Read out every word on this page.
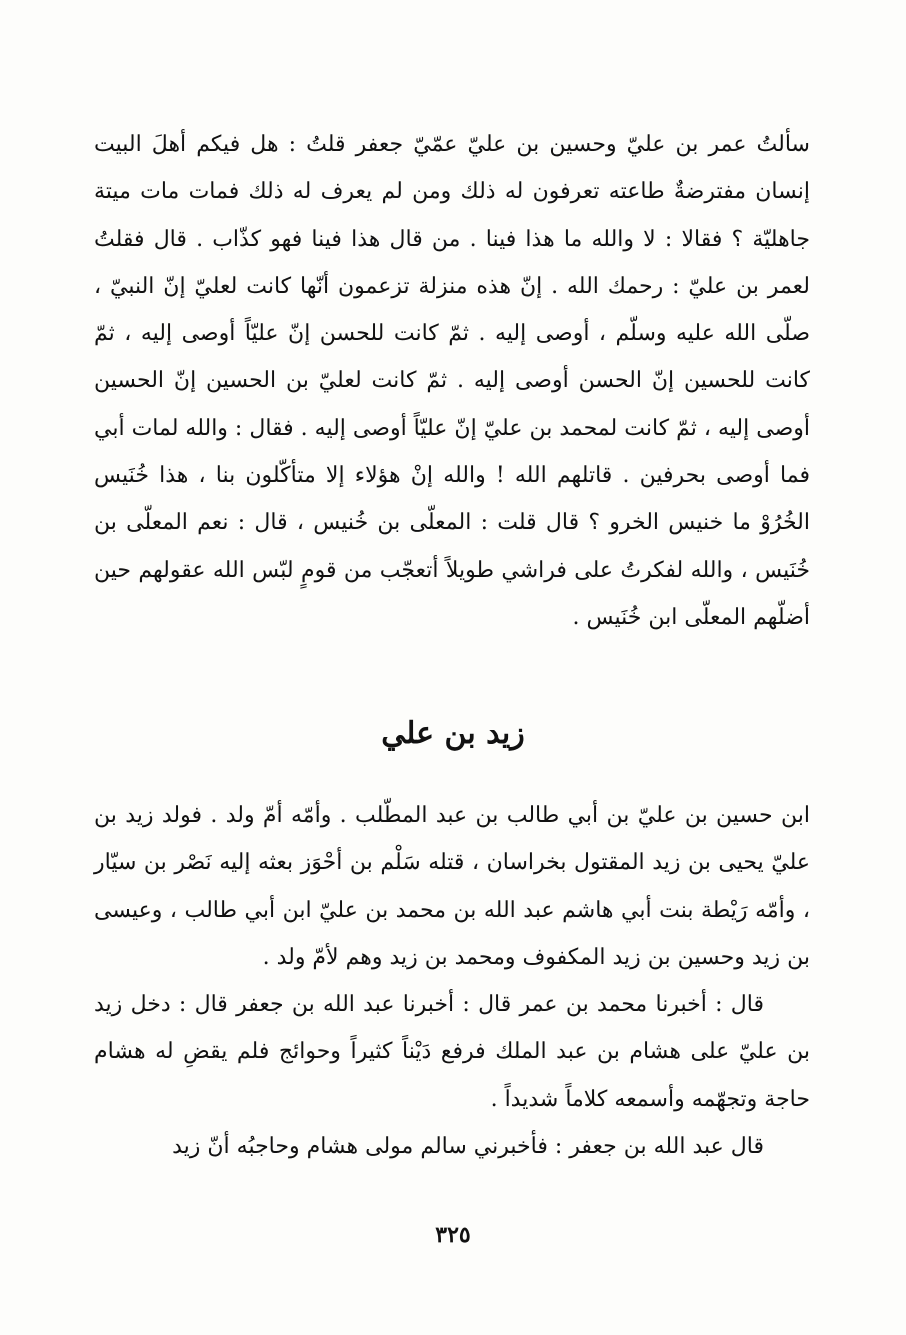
سألتُ عمر بن عليّ وحسين بن عليّ عمّيّ جعفر قلتُ : هل فيكم أهلَ البيت إنسان مفترضةٌ طاعته تعرفون له ذلك ومن لم يعرف له ذلك فمات مات ميتة جاهليّة ؟ فقالا : لا والله ما هذا فينا . من قال هذا فينا فهو كذّاب . قال فقلتُ لعمر بن عليّ : رحمك الله . إنّ هذه منزلة تزعمون أنّها كانت لعليّ إنّ النبيّ ، صلّى الله عليه وسلّم ، أوصى إليه . ثمّ كانت للحسن إنّ عليّاً أوصى إليه ، ثمّ كانت للحسين إنّ الحسن أوصى إليه . ثمّ كانت لعليّ بن الحسين إنّ الحسين أوصى إليه ، ثمّ كانت لمحمد بن عليّ إنّ عليّاً أوصى إليه . فقال : والله لمات أبي فما أوصى بحرفين . قاتلهم الله ! والله إنْ هؤلاء إلا متأكّلون بنا ، هذا خُنَيس الخُرُوْ ما خنيس الخرو ؟ قال قلت : المعلّى بن خُنيس ، قال : نعم المعلّى بن خُنَيس ، والله لفكرتُ على فراشي طويلاً أتعجّب من قومٍ لبّس الله عقولهم حين أضلّهم المعلّى ابن خُنَيس .

زيد بن علي

ابن حسين بن عليّ بن أبي طالب بن عبد المطّلب . وأمّه أمّ ولد . فولد زيد بن عليّ يحيى بن زيد المقتول بخراسان ، قتله سَلْم بن أحْوَز بعثه إليه نَصْر بن سيّار ، وأمّه رَيْطة بنت أبي هاشم عبد الله بن محمد بن عليّ ابن أبي طالب ، وعيسى بن زيد وحسين بن زيد المكفوف ومحمد بن زيد وهم لأمّ ولد .

قال : أخبرنا محمد بن عمر قال : أخبرنا عبد الله بن جعفر قال : دخل زيد بن عليّ على هشام بن عبد الملك فرفع دَيْناً كثيراً وحوائج فلم يقضِ له هشام حاجة وتجهّمه وأسمعه كلاماً شديداً .

قال عبد الله بن جعفر : فأخبرني سالم مولى هشام وحاجبُه أنّ زيد

٣٢٥
